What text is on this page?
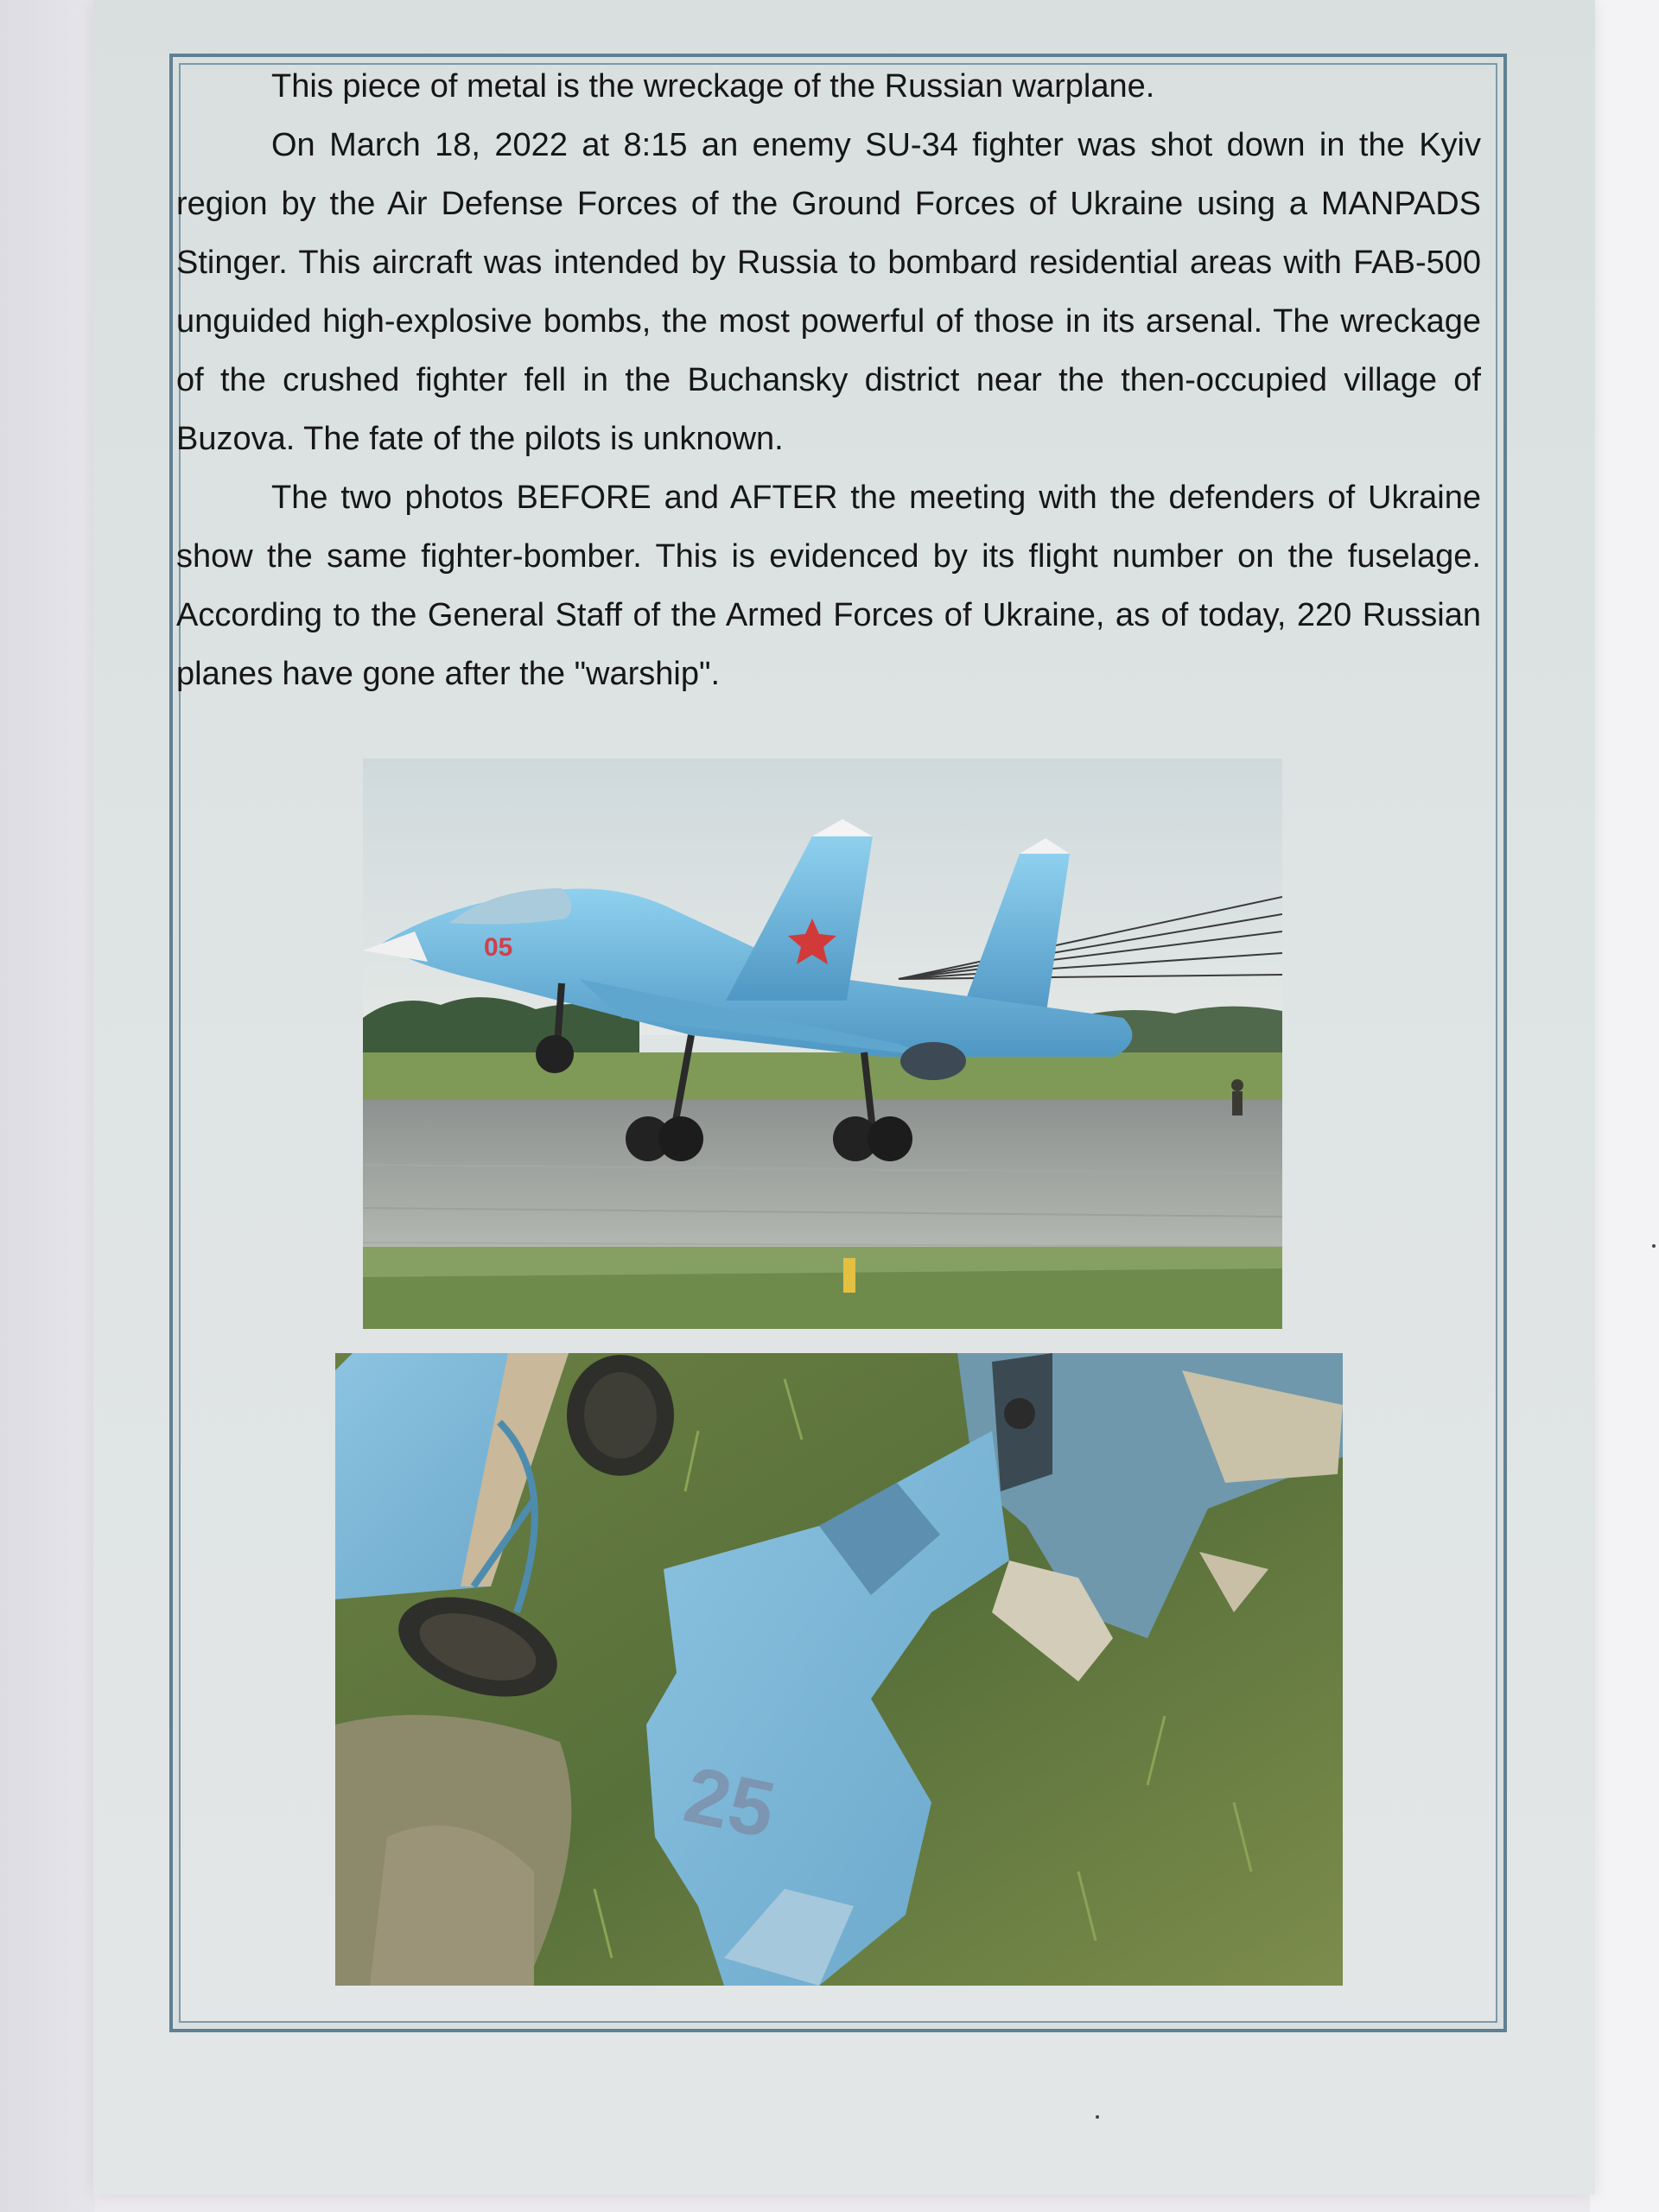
This piece of metal is the wreckage of the Russian warplane.

On March 18, 2022 at 8:15 an enemy SU-34 fighter was shot down in the Kyiv region by the Air Defense Forces of the Ground Forces of Ukraine using a MANPADS Stinger. This aircraft was intended by Russia to bombard residential areas with FAB-500 unguided high-explosive bombs, the most powerful of those in its arsenal. The wreckage of the crushed fighter fell in the Buchansky district near the then-occupied village of Buzova. The fate of the pilots is unknown.

The two photos BEFORE and AFTER the meeting with the defenders of Ukraine show the same fighter-bomber. This is evidenced by its flight number on the fuselage. According to the General Staff of the Armed Forces of Ukraine, as of today, 220 Russian planes have gone after the "warship".

05
25
